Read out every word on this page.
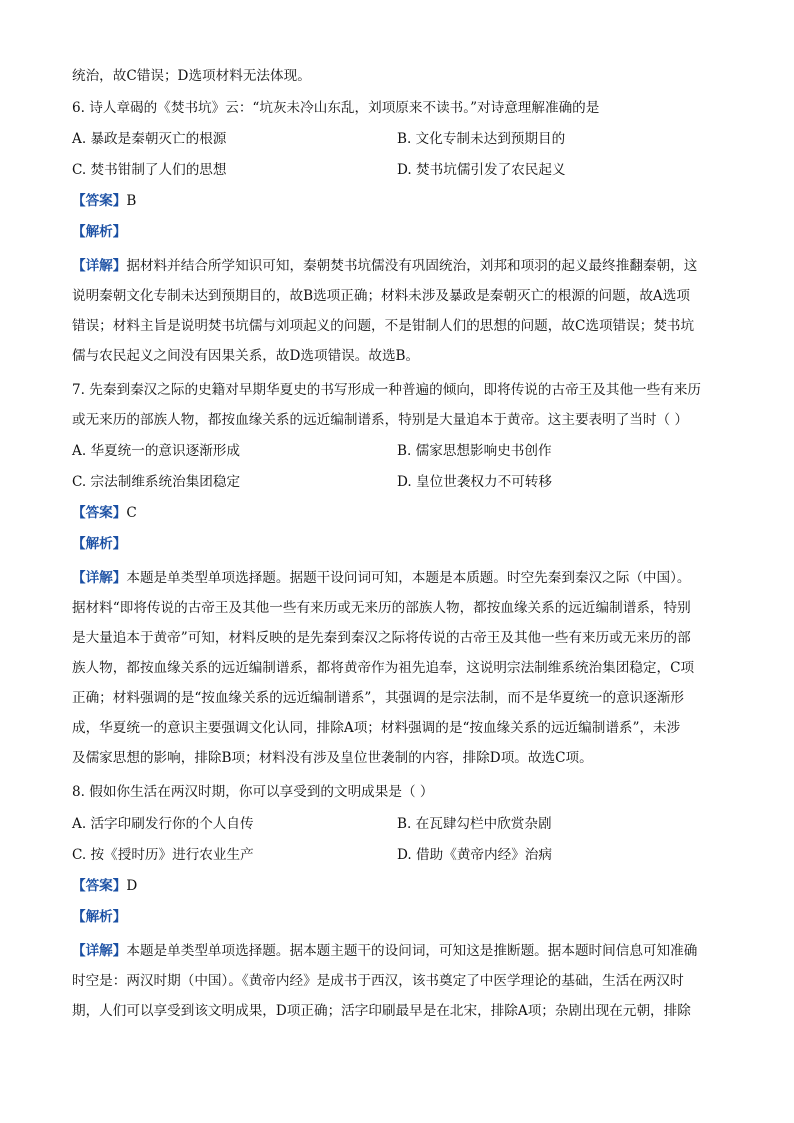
统治，故C错误；D选项材料无法体现。
6. 诗人章碣的《焚书坑》云：“坑灰未冷山东乱，刘项原来不读书。”对诗意理解准确的是
A. 暴政是秦朝灭亡的根源	B. 文化专制未达到预期目的
C. 焚书钳制了人们的思想	D. 焚书坑儒引发了农民起义
【答案】B
【解析】
【详解】据材料并结合所学知识可知，秦朝焚书坑儒没有巩固统治，刘邦和项羽的起义最终推翻秦朝，这
说明秦朝文化专制未达到预期目的，故B选项正确；材料未涉及暴政是秦朝灭亡的根源的问题，故A选项
错误；材料主旨是说明焚书坑儒与刘项起义的问题，不是钳制人们的思想的问题，故C选项错误；焚书坑
儒与农民起义之间没有因果关系，故D选项错误。故选B。
7. 先秦到秦汉之际的史籍对早期华夏史的书写形成一种普遍的倾向，即将传说的古帝王及其他一些有来历
或无来历的部族人物，都按血缘关系的远近编制谱系，特别是大量追本于黄帝。这主要表明了当时（ ）
A. 华夏统一的意识逐渐形成	B. 儒家思想影响史书创作
C. 宗法制维系统治集团稳定	D. 皇位世袭权力不可转移
【答案】C
【解析】
【详解】本题是单类型单项选择题。据题干设问词可知，本题是本质题。时空先秦到秦汉之际（中国）。
据材料“即将传说的古帝王及其他一些有来历或无来历的部族人物，都按血缘关系的远近编制谱系，特别
是大量追本于黄帝”可知，材料反映的是先秦到秦汉之际将传说的古帝王及其他一些有来历或无来历的部
族人物，都按血缘关系的远近编制谱系，都将黄帝作为祖先追奉，这说明宗法制维系统治集团稳定，C项
正确；材料强调的是“按血缘关系的远近编制谱系”，其强调的是宗法制，而不是华夏统一的意识逐渐形
成，华夏统一的意识主要强调文化认同，排除A项；材料强调的是“按血缘关系的远近编制谱系”，未涉
及儒家思想的影响，排除B项；材料没有涉及皇位世袭制的内容，排除D项。故选C项。
8. 假如你生活在两汉时期，你可以享受到的文明成果是（ ）
A. 活字印刷发行你的个人自传	B. 在瓦肆勾栏中欣赏杂剧
C. 按《授时历》进行农业生产	D. 借助《黄帝内经》治病
【答案】D
【解析】
【详解】本题是单类型单项选择题。据本题主题干的设问词，可知这是推断题。据本题时间信息可知准确
时空是：两汉时期（中国）。《黄帝内经》是成书于西汉，该书奠定了中医学理论的基础，生活在两汉时
期，人们可以享受到该文明成果，D项正确；活字印刷最早是在北宋，排除A项；杂剧出现在元朝，排除
